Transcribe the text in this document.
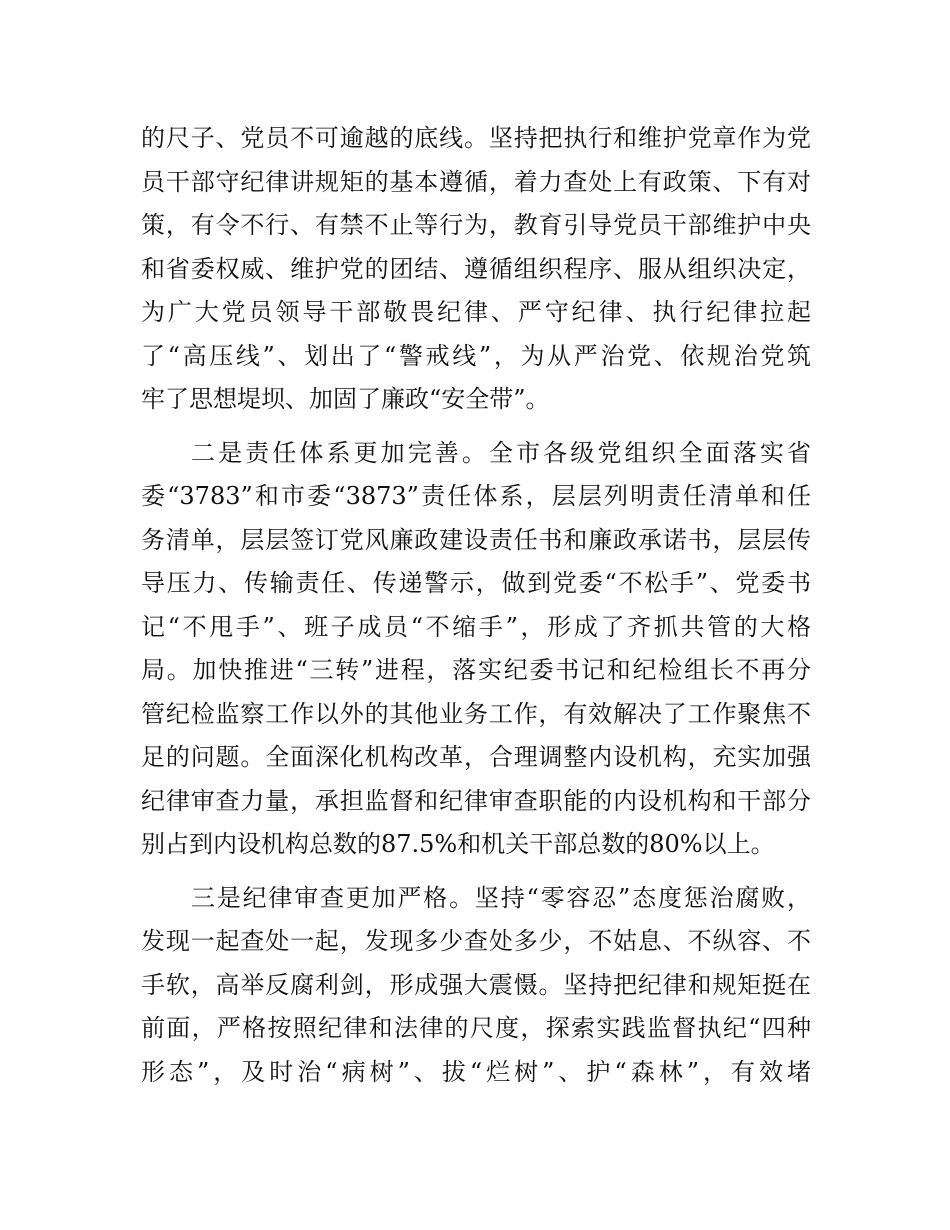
的尺子、党员不可逾越的底线。坚持把执行和维护党章作为党
员干部守纪律讲规矩的基本遵循，着力查处上有政策、下有对
策，有令不行、有禁不止等行为，教育引导党员干部维护中央
和省委权威、维护党的团结、遵循组织程序、服从组织决定，
为广大党员领导干部敬畏纪律、严守纪律、执行纪律拉起
了“高压线”、划出了“警戒线”，为从严治党、依规治党筑
牢了思想堤坝、加固了廉政“安全带”。
二是责任体系更加完善。全市各级党组织全面落实省
委“3783”和市委“3873”责任体系，层层列明责任清单和任
务清单，层层签订党风廉政建设责任书和廉政承诺书，层层传
导压力、传输责任、传递警示，做到党委“不松手”、党委书
记“不甩手”、班子成员“不缩手”，形成了齐抓共管的大格
局。加快推进“三转”进程，落实纪委书记和纪检组长不再分
管纪检监察工作以外的其他业务工作，有效解决了工作聚焦不
足的问题。全面深化机构改革，合理调整内设机构，充实加强
纪律审查力量，承担监督和纪律审查职能的内设机构和干部分
别占到内设机构总数的87.5%和机关干部总数的80%以上。
三是纪律审查更加严格。坚持“零容忍”态度惩治腐败，
发现一起查处一起，发现多少查处多少，不姑息、不纵容、不
手软，高举反腐利剑，形成强大震慑。坚持把纪律和规矩挺在
前面，严格按照纪律和法律的尺度，探索实践监督执纪“四种
形态”，及时治“病树”、拔“烂树”、护“森林”，有效堵
